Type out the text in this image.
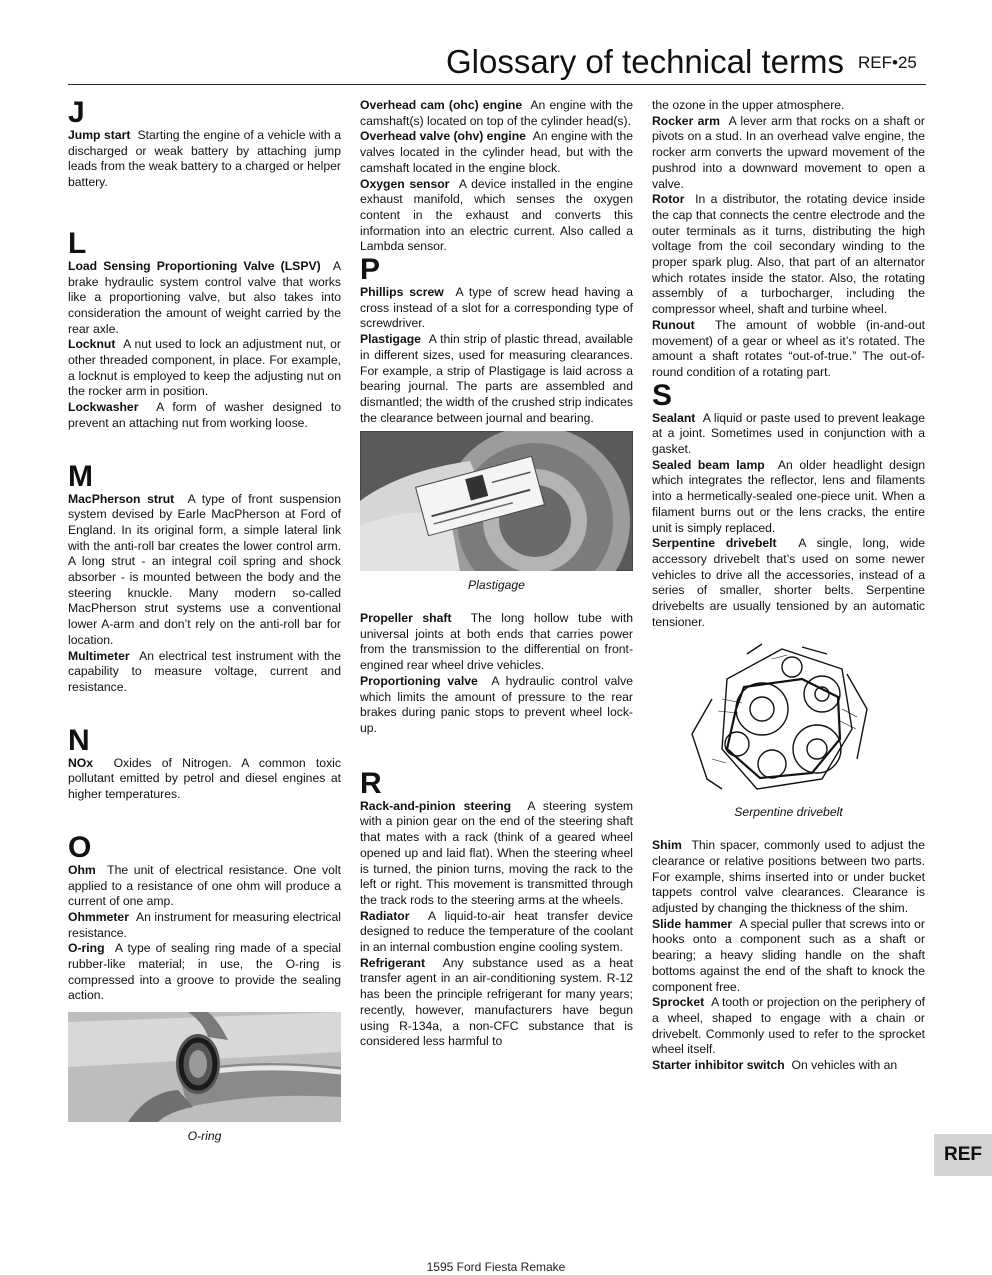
Glossary of technical terms REF•25
J

Jump start Starting the engine of a vehicle with a discharged or weak battery by attaching jump leads from the weak battery to a charged or helper battery.

L

Load Sensing Proportioning Valve (LSPV) A brake hydraulic system control valve that works like a proportioning valve, but also takes into consideration the amount of weight carried by the rear axle.

Locknut A nut used to lock an adjustment nut, or other threaded component, in place. For example, a locknut is employed to keep the adjusting nut on the rocker arm in position.

Lockwasher A form of washer designed to prevent an attaching nut from working loose.

M

MacPherson strut A type of front suspension system devised by Earle MacPherson at Ford of England. In its original form, a simple lateral link with the anti-roll bar creates the lower control arm. A long strut - an integral coil spring and shock absorber - is mounted between the body and the steering knuckle. Many modern so-called MacPherson strut systems use a conventional lower A-arm and don’t rely on the anti-roll bar for location.

Multimeter An electrical test instrument with the capability to measure voltage, current and resistance.

N

NOx Oxides of Nitrogen. A common toxic pollutant emitted by petrol and diesel engines at higher temperatures.

O

Ohm The unit of electrical resistance. One volt applied to a resistance of one ohm will produce a current of one amp.

Ohmmeter An instrument for measuring electrical resistance.

O-ring A type of sealing ring made of a special rubber-like material; in use, the O-ring is compressed into a groove to provide the sealing action.

O-ring

Overhead cam (ohc) engine An engine with the camshaft(s) located on top of the cylinder head(s).

Overhead valve (ohv) engine An engine with the valves located in the cylinder head, but with the camshaft located in the engine block.

Oxygen sensor A device installed in the engine exhaust manifold, which senses the oxygen content in the exhaust and converts this information into an electric current. Also called a Lambda sensor.

P

Phillips screw A type of screw head having a cross instead of a slot for a corresponding type of screwdriver.

Plastigage A thin strip of plastic thread, available in different sizes, used for measuring clearances. For example, a strip of Plastigage is laid across a bearing journal. The parts are assembled and dismantled; the width of the crushed strip indicates the clearance between journal and bearing.

Plastigage

Propeller shaft The long hollow tube with universal joints at both ends that carries power from the transmission to the differential on front-engined rear wheel drive vehicles.

Proportioning valve A hydraulic control valve which limits the amount of pressure to the rear brakes during panic stops to prevent wheel lock-up.

R

Rack-and-pinion steering A steering system with a pinion gear on the end of the steering shaft that mates with a rack (think of a geared wheel opened up and laid flat). When the steering wheel is turned, the pinion turns, moving the rack to the left or right. This movement is transmitted through the track rods to the steering arms at the wheels.

Radiator A liquid-to-air heat transfer device designed to reduce the temperature of the coolant in an internal combustion engine cooling system.

Refrigerant Any substance used as a heat transfer agent in an air-conditioning system. R-12 has been the principle refrigerant for many years; recently, however, manufacturers have begun using R-134a, a non-CFC substance that is considered less harmful to

the ozone in the upper atmosphere.

Rocker arm A lever arm that rocks on a shaft or pivots on a stud. In an overhead valve engine, the rocker arm converts the upward movement of the pushrod into a downward movement to open a valve.

Rotor In a distributor, the rotating device inside the cap that connects the centre electrode and the outer terminals as it turns, distributing the high voltage from the coil secondary winding to the proper spark plug. Also, that part of an alternator which rotates inside the stator. Also, the rotating assembly of a turbocharger, including the compressor wheel, shaft and turbine wheel.

Runout The amount of wobble (in-and-out movement) of a gear or wheel as it’s rotated. The amount a shaft rotates “out-of-true.” The out-of-round condition of a rotating part.

S

Sealant A liquid or paste used to prevent leakage at a joint. Sometimes used in conjunction with a gasket.

Sealed beam lamp An older headlight design which integrates the reflector, lens and filaments into a hermetically-sealed one-piece unit. When a filament burns out or the lens cracks, the entire unit is simply replaced.

Serpentine drivebelt A single, long, wide accessory drivebelt that’s used on some newer vehicles to drive all the accessories, instead of a series of smaller, shorter belts. Serpentine drivebelts are usually tensioned by an automatic tensioner.

Serpentine drivebelt

Shim Thin spacer, commonly used to adjust the clearance or relative positions between two parts. For example, shims inserted into or under bucket tappets control valve clearances. Clearance is adjusted by changing the thickness of the shim.

Slide hammer A special puller that screws into or hooks onto a component such as a shaft or bearing; a heavy sliding handle on the shaft bottoms against the end of the shaft to knock the component free.

Sprocket A tooth or projection on the periphery of a wheel, shaped to engage with a chain or drivebelt. Commonly used to refer to the sprocket wheel itself.

Starter inhibitor switch On vehicles with an

REF
1595 Ford Fiesta Remake
